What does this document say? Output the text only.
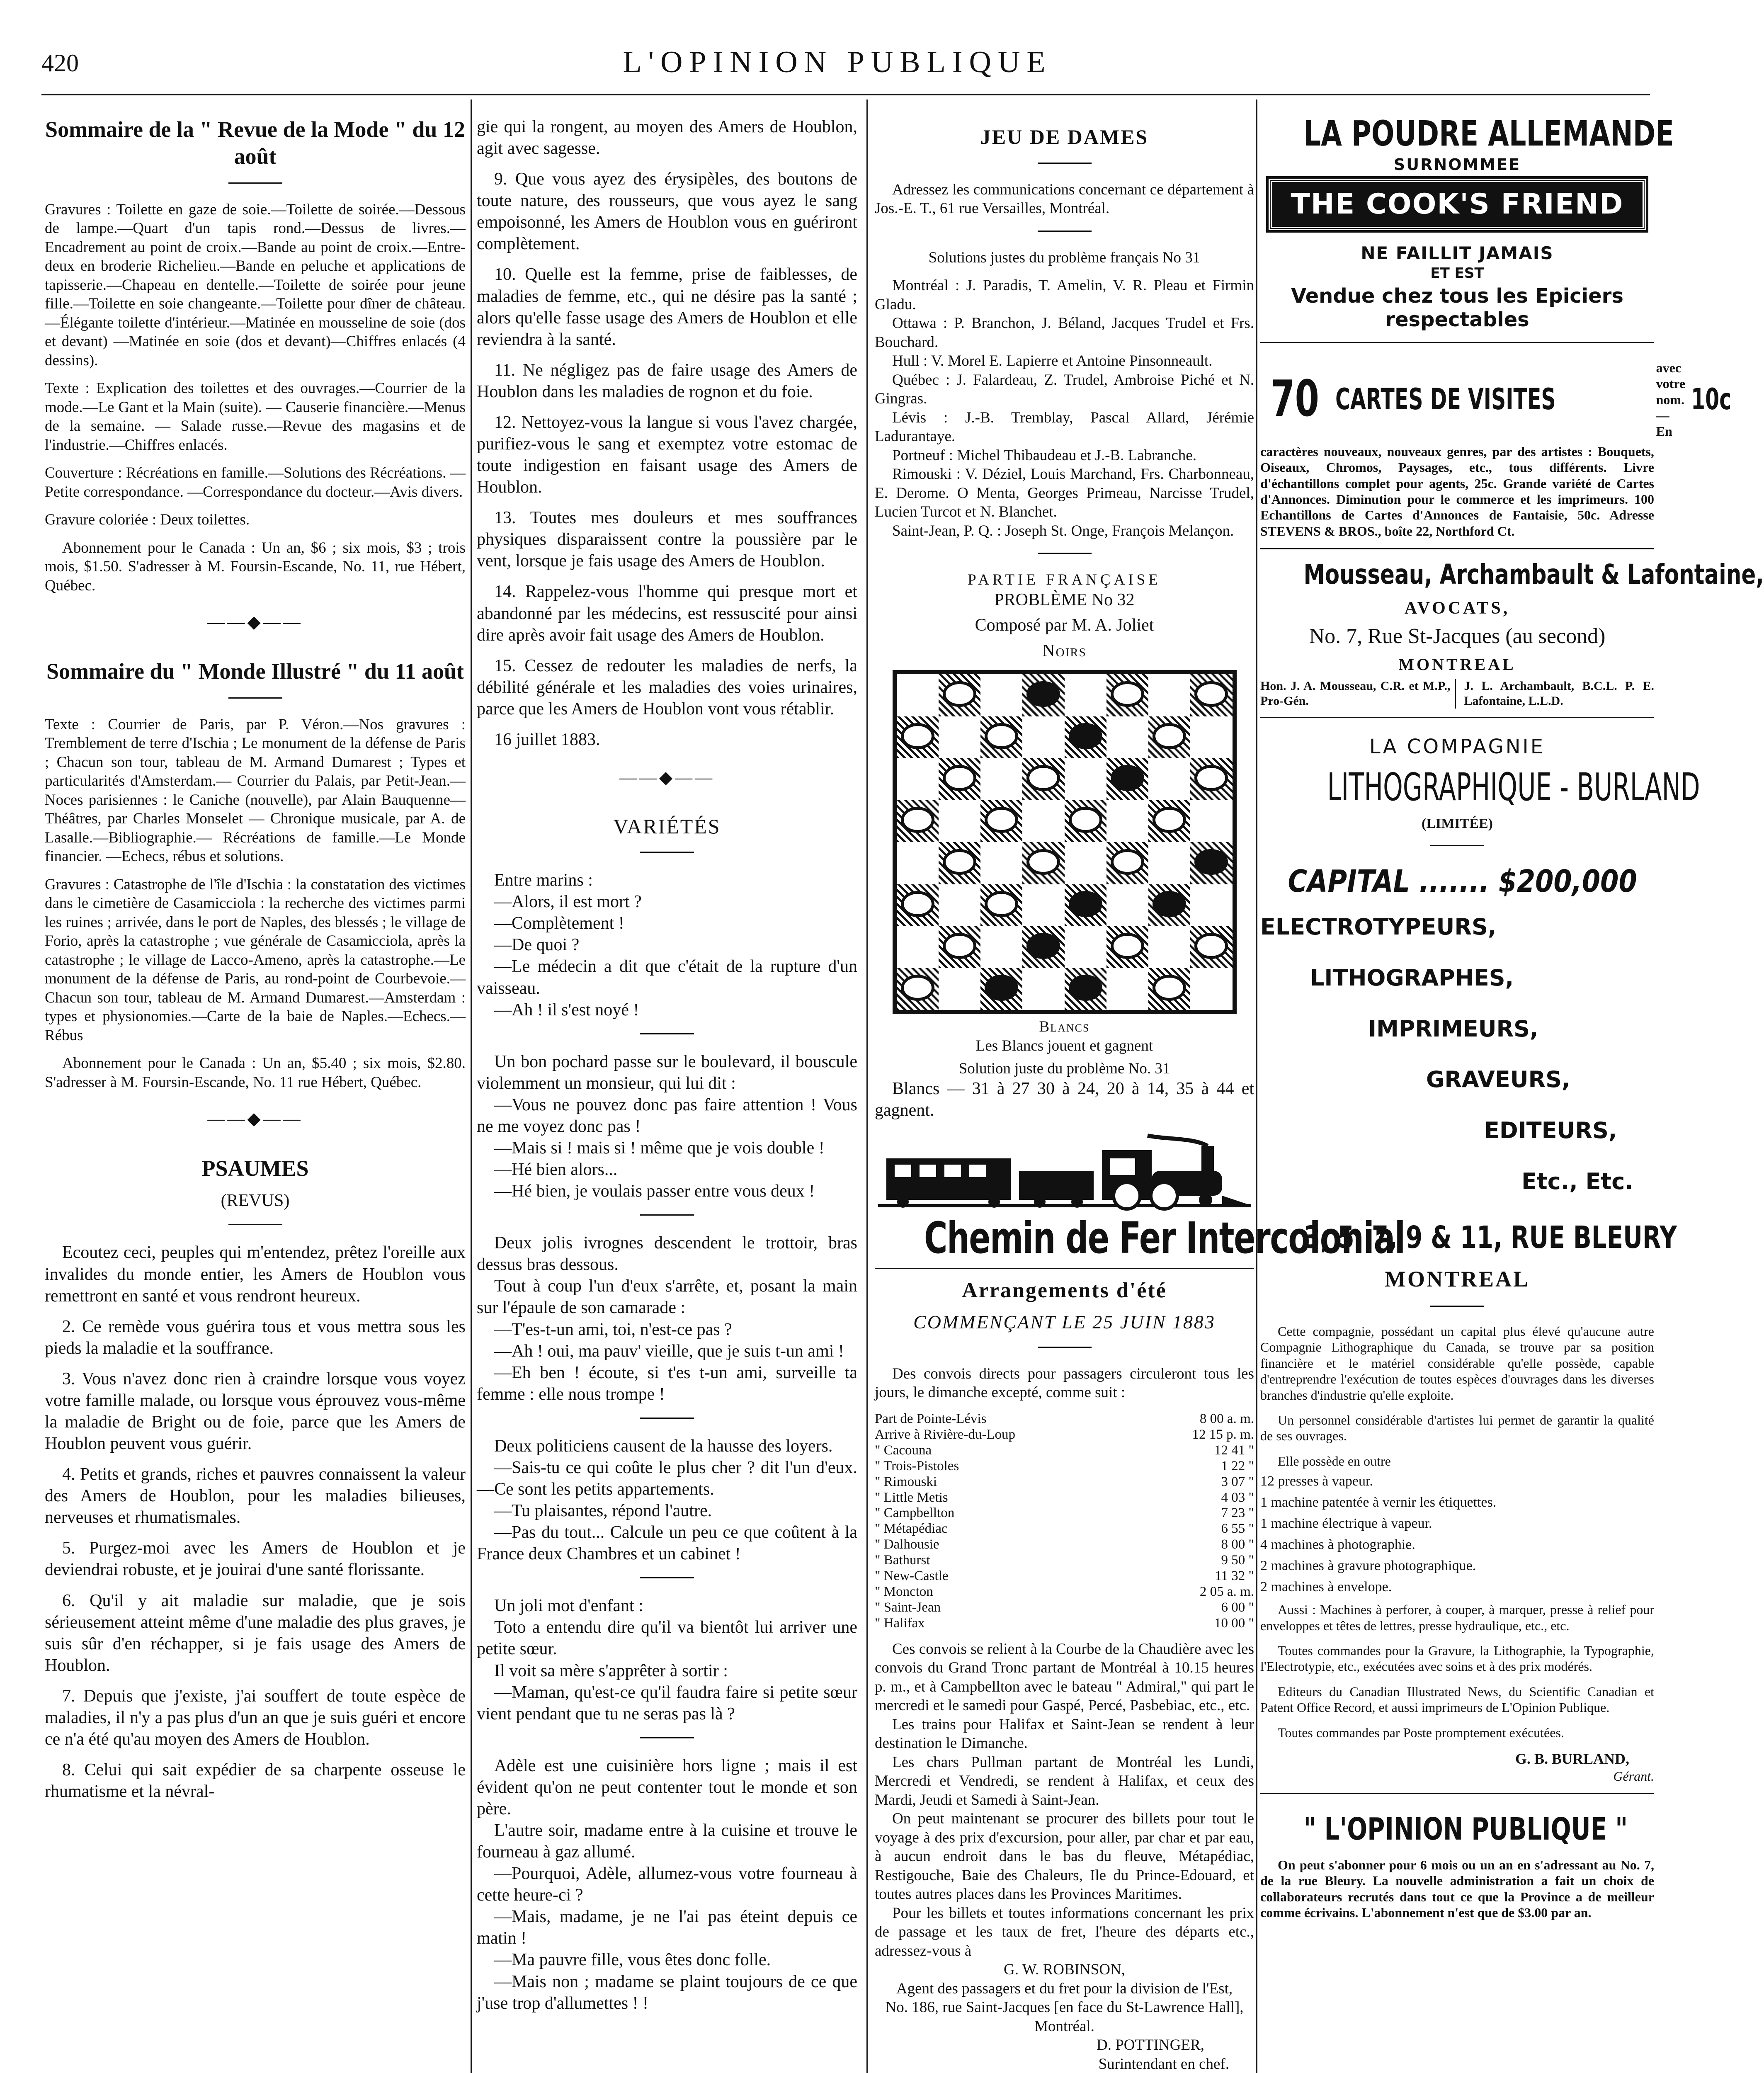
420	L'OPINION PUBLIQUE
Sommaire de la " Revue de la Mode " du 12 août

Gravures : Toilette en gaze de soie.—Toilette de soirée.—Dessous de lampe.—Quart d'un tapis rond.—Dessus de livres.—Encadrement au point de croix.—Bande au point de croix.—Entre-deux en broderie Richelieu.—Bande en peluche et applications de tapisserie.—Chapeau en dentelle.—Toilette de soirée pour jeune fille.—Toilette en soie changeante.—Toilette pour dîner de château.—Élégante toilette d'intérieur.—Matinée en mousseline de soie (dos et devant) —Matinée en soie (dos et devant)—Chiffres enlacés (4 dessins).

Texte : Explication des toilettes et des ouvrages.—Courrier de la mode.—Le Gant et la Main (suite). — Causerie financière.—Menus de la semaine. — Salade russe.—Revue des magasins et de l'industrie.—Chiffres enlacés.

Couverture : Récréations en famille.—Solutions des Récréations. —Petite correspondance. —Correspondance du docteur.—Avis divers.

Gravure coloriée : Deux toilettes.

Abonnement pour le Canada : Un an, $6 ; six mois, $3 ; trois mois, $1.50. S'adresser à M. Foursin-Escande, No. 11, rue Hébert, Québec.

——◆——
Sommaire du " Monde Illustré " du 11 août

Texte : Courrier de Paris, par P. Véron.—Nos gravures : Tremblement de terre d'Ischia ; Le monument de la défense de Paris ; Chacun son tour, tableau de M. Armand Dumarest ; Types et particularités d'Amsterdam.— Courrier du Palais, par Petit-Jean.—Noces parisiennes : le Caniche (nouvelle), par Alain Bauquenne—Théâtres, par Charles Monselet — Chronique musicale, par A. de Lasalle.—Bibliographie.— Récréations de famille.—Le Monde financier. —Echecs, rébus et solutions.

Gravures : Catastrophe de l'île d'Ischia : la constatation des victimes dans le cimetière de Casamicciola : la recherche des victimes parmi les ruines ; arrivée, dans le port de Naples, des blessés ; le village de Forio, après la catastrophe ; vue générale de Casamicciola, après la catastrophe ; le village de Lacco-Ameno, après la catastrophe.—Le monument de la défense de Paris, au rond-point de Courbevoie.—Chacun son tour, tableau de M. Armand Dumarest.—Amsterdam : types et physionomies.—Carte de la baie de Naples.—Echecs.—Rébus

Abonnement pour le Canada : Un an, $5.40 ; six mois, $2.80. S'adresser à M. Foursin-Escande, No. 11 rue Hébert, Québec.

——◆——
PSAUMES
(REVUS)

Ecoutez ceci, peuples qui m'entendez, prêtez l'oreille aux invalides du monde entier, les Amers de Houblon vous remettront en santé et vous rendront heureux.

2. Ce remède vous guérira tous et vous mettra sous les pieds la maladie et la souffrance.

3. Vous n'avez donc rien à craindre lorsque vous voyez votre famille malade, ou lorsque vous éprouvez vous-même la maladie de Bright ou de foie, parce que les Amers de Houblon peuvent vous guérir.

4. Petits et grands, riches et pauvres connaissent la valeur des Amers de Houblon, pour les maladies bilieuses, nerveuses et rhumatismales.

5. Purgez-moi avec les Amers de Houblon et je deviendrai robuste, et je jouirai d'une santé florissante.

6. Qu'il y ait maladie sur maladie, que je sois sérieusement atteint même d'une maladie des plus graves, je suis sûr d'en réchapper, si je fais usage des Amers de Houblon.

7. Depuis que j'existe, j'ai souffert de toute espèce de maladies, il n'y a pas plus d'un an que je suis guéri et encore ce n'a été qu'au moyen des Amers de Houblon.

8. Celui qui sait expédier de sa charpente osseuse le rhumatisme et la névral-

gie qui la rongent, au moyen des Amers de Houblon, agit avec sagesse.

9. Que vous ayez des érysipèles, des boutons de toute nature, des rousseurs, que vous ayez le sang empoisonné, les Amers de Houblon vous en guériront complètement.

10. Quelle est la femme, prise de faiblesses, de maladies de femme, etc., qui ne désire pas la santé ; alors qu'elle fasse usage des Amers de Houblon et elle reviendra à la santé.

11. Ne négligez pas de faire usage des Amers de Houblon dans les maladies de rognon et du foie.

12. Nettoyez-vous la langue si vous l'avez chargée, purifiez-vous le sang et exemptez votre estomac de toute indigestion en faisant usage des Amers de Houblon.

13. Toutes mes douleurs et mes souffrances physiques disparaissent contre la poussière par le vent, lorsque je fais usage des Amers de Houblon.

14. Rappelez-vous l'homme qui presque mort et abandonné par les médecins, est ressuscité pour ainsi dire après avoir fait usage des Amers de Houblon.

15. Cessez de redouter les maladies de nerfs, la débilité générale et les maladies des voies urinaires, parce que les Amers de Houblon vont vous rétablir.

16 juillet 1883.

——◆——
VARIÉTÉS

Entre marins :

—Alors, il est mort ?

—Complètement !

—De quoi ?

—Le médecin a dit que c'était de la rupture d'un vaisseau.

—Ah ! il s'est noyé !

Un bon pochard passe sur le boulevard, il bouscule violemment un monsieur, qui lui dit :

—Vous ne pouvez donc pas faire attention ! Vous ne me voyez donc pas !

—Mais si ! mais si ! même que je vois double !

—Hé bien alors...

—Hé bien, je voulais passer entre vous deux !

Deux jolis ivrognes descendent le trottoir, bras dessus bras dessous.

Tout à coup l'un d'eux s'arrête, et, posant la main sur l'épaule de son camarade :

—T'es-t-un ami, toi, n'est-ce pas ?

—Ah ! oui, ma pauv' vieille, que je suis t-un ami !

—Eh ben ! écoute, si t'es t-un ami, surveille ta femme : elle nous trompe !

Deux politiciens causent de la hausse des loyers.

—Sais-tu ce qui coûte le plus cher ? dit l'un d'eux.—Ce sont les petits appartements.

—Tu plaisantes, répond l'autre.

—Pas du tout... Calcule un peu ce que coûtent à la France deux Chambres et un cabinet !

Un joli mot d'enfant :

Toto a entendu dire qu'il va bientôt lui arriver une petite sœur.

Il voit sa mère s'apprêter à sortir :

—Maman, qu'est-ce qu'il faudra faire si petite sœur vient pendant que tu ne seras pas là ?

Adèle est une cuisinière hors ligne ; mais il est évident qu'on ne peut contenter tout le monde et son père.

L'autre soir, madame entre à la cuisine et trouve le fourneau à gaz allumé.

—Pourquoi, Adèle, allumez-vous votre fourneau à cette heure-ci ?

—Mais, madame, je ne l'ai pas éteint depuis ce matin !

—Ma pauvre fille, vous êtes donc folle.

—Mais non ; madame se plaint toujours de ce que j'use trop d'allumettes ! !

JEU DE DAMES

Adressez les communications concernant ce département à Jos.-E. T., 61 rue Versailles, Montréal.

Solutions justes du problème français No 31

Montréal : J. Paradis, T. Amelin, V. R. Pleau et Firmin Gladu.

Ottawa : P. Branchon, J. Béland, Jacques Trudel et Frs. Bouchard.

Hull : V. Morel E. Lapierre et Antoine Pinsonneault.

Québec : J. Falardeau, Z. Trudel, Ambroise Piché et N. Gingras.

Lévis : J.-B. Tremblay, Pascal Allard, Jérémie Ladurantaye.

Portneuf : Michel Thibaudeau et J.-B. Labranche.

Rimouski : V. Déziel, Louis Marchand, Frs. Charbonneau, E. Derome. O Menta, Georges Primeau, Narcisse Trudel, Lucien Turcot et N. Blanchet.

Saint-Jean, P. Q. : Joseph St. Onge, François Melançon.

PARTIE FRANÇAISE
PROBLÈME No 32
Composé par M. A. Joliet
Noirs
Blancs
Les Blancs jouent et gagnent
Solution juste du problème No. 31

Blancs — 31 à 27 30 à 24, 20 à 14, 35 à 44 et gagnent.

Chemin de Fer Intercolonial
Arrangements d'été
COMMENÇANT LE 25 JUIN 1883

Des convois directs pour passagers circuleront tous les jours, le dimanche excepté, comme suit :

Part de Pointe-Lévis	8 00 a. m.
Arrive à Rivière-du-Loup	12 15 p. m.
" Cacouna	12 41 "
" Trois-Pistoles	1 22 "
" Rimouski	3 07 "
" Little Metis	4 03 "
" Campbellton	7 23 "
" Métapédiac	6 55 "
" Dalhousie	8 00 "
" Bathurst	9 50 "
" New-Castle	11 32 "
" Moncton	2 05 a. m.
" Saint-Jean	6 00 "
" Halifax	10 00 "

Ces convois se relient à la Courbe de la Chaudière avec les convois du Grand Tronc partant de Montréal à 10.15 heures p. m., et à Campbellton avec le bateau " Admiral," qui part le mercredi et le samedi pour Gaspé, Percé, Pasbebiac, etc., etc.

Les trains pour Halifax et Saint-Jean se rendent à leur destination le Dimanche.

Les chars Pullman partant de Montréal les Lundi, Mercredi et Vendredi, se rendent à Halifax, et ceux des Mardi, Jeudi et Samedi à Saint-Jean.

On peut maintenant se procurer des billets pour tout le voyage à des prix d'excursion, pour aller, par char et par eau, à aucun endroit dans le bas du fleuve, Métapédiac, Restigouche, Baie des Chaleurs, Ile du Prince-Edouard, et toutes autres places dans les Provinces Maritimes.

Pour les billets et toutes informations concernant les prix de passage et les taux de fret, l'heure des départs etc., adressez-vous à

G. W. ROBINSON,
Agent des passagers et du fret pour la division de l'Est,
No. 186, rue Saint-Jacques [en face du St-Lawrence Hall], Montréal.
D. POTTINGER,
Surintendant en chef.
LA POUDRE ALLEMANDE
SURNOMMEE
THE COOK'S FRIEND
NE FAILLIT JAMAIS
ET EST
Vendue chez tous les Epiciers respectables
70 CARTES DE VISITES
avec votre nom. — En
10c

caractères nouveaux, nouveaux genres, par des artistes : Bouquets, Oiseaux, Chromos, Paysages, etc., tous différents. Livre d'échantillons complet pour agents, 25c. Grande variété de Cartes d'Annonces. Diminution pour le commerce et les imprimeurs. 100 Echantillons de Cartes d'Annonces de Fantaisie, 50c. Adresse STEVENS & BROS., boîte 22, Northford Ct.

Mousseau, Archambault & Lafontaine,
AVOCATS,
No. 7, Rue St-Jacques (au second)
MONTREAL
Hon. J. A. Mousseau, C.R. et M.P., Pro-Gén.
J. L. Archambault, B.C.L. P. E. Lafontaine, L.L.D.
LA COMPAGNIE
LITHOGRAPHIQUE - BURLAND
(LIMITÉE)
CAPITAL ....... $200,000
ELECTROTYPEURS,
LITHOGRAPHES,
IMPRIMEURS,
GRAVEURS,
EDITEURS,
Etc., Etc.
3, 5, 7, 9 & 11, RUE BLEURY
MONTREAL

Cette compagnie, possédant un capital plus élevé qu'aucune autre Compagnie Lithographique du Canada, se trouve par sa position financière et le matériel considérable qu'elle possède, capable d'entreprendre l'exécution de toutes espèces d'ouvrages dans les diverses branches d'industrie qu'elle exploite.

Un personnel considérable d'artistes lui permet de garantir la qualité de ses ouvrages.

Elle possède en outre

12 presses à vapeur.
1 machine patentée à vernir les étiquettes.
1 machine électrique à vapeur.
4 machines à photographie.
2 machines à gravure photographique.
2 machines à envelope.

Aussi : Machines à perforer, à couper, à marquer, presse à relief pour enveloppes et têtes de lettres, presse hydraulique, etc., etc.

Toutes commandes pour la Gravure, la Lithographie, la Typographie, l'Electrotypie, etc., exécutées avec soins et à des prix modérés.

Editeurs du Canadian Illustrated News, du Scientific Canadian et Patent Office Record, et aussi imprimeurs de L'Opinion Publique.

Toutes commandes par Poste promptement exécutées.

G. B. BURLAND,
Gérant.
" L'OPINION PUBLIQUE "

On peut s'abonner pour 6 mois ou un an en s'adressant au No. 7, de la rue Bleury. La nouvelle administration a fait un choix de collaborateurs recrutés dans tout ce que la Province a de meilleur comme écrivains. L'abonnement n'est que de $3.00 par an.
